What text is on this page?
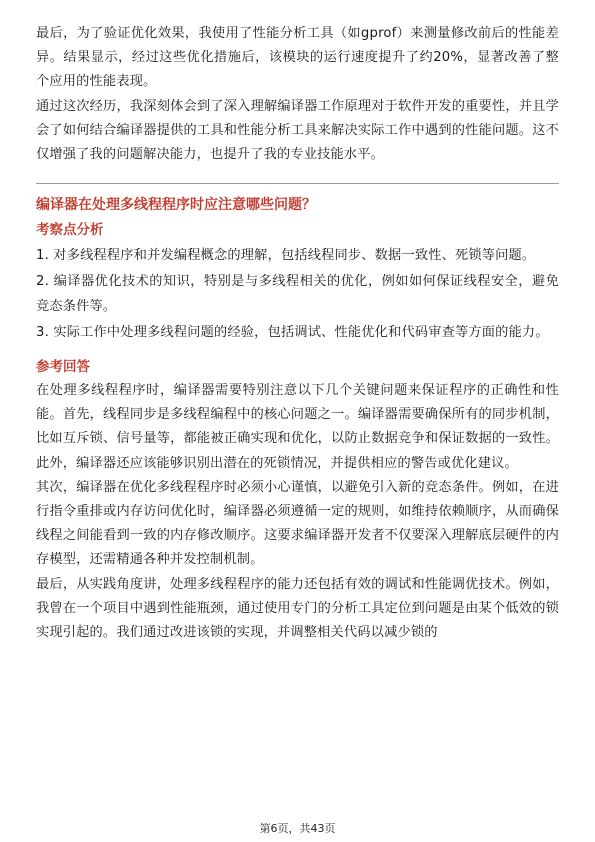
最后，为了验证优化效果，我使用了性能分析工具（如gprof）来测量修改前后的性能差异。结果显示，经过这些优化措施后，该模块的运行速度提升了约20%，显著改善了整个应用的性能表现。

通过这次经历，我深刻体会到了深入理解编译器工作原理对于软件开发的重要性，并且学会了如何结合编译器提供的工具和性能分析工具来解决实际工作中遇到的性能问题。这不仅增强了我的问题解决能力，也提升了我的专业技能水平。

编译器在处理多线程程序时应注意哪些问题？

考察点分析

1. 对多线程程序和并发编程概念的理解，包括线程同步、数据一致性、死锁等问题。

2. 编译器优化技术的知识，特别是与多线程相关的优化，例如如何保证线程安全，避免竞态条件等。

3. 实际工作中处理多线程问题的经验，包括调试、性能优化和代码审查等方面的能力。

参考回答

在处理多线程程序时，编译器需要特别注意以下几个关键问题来保证程序的正确性和性能。首先，线程同步是多线程编程中的核心问题之一。编译器需要确保所有的同步机制，比如互斥锁、信号量等，都能被正确实现和优化，以防止数据竞争和保证数据的一致性。此外，编译器还应该能够识别出潜在的死锁情况，并提供相应的警告或优化建议。

其次，编译器在优化多线程程序时必须小心谨慎，以避免引入新的竞态条件。例如，在进行指令重排或内存访问优化时，编译器必须遵循一定的规则，如维持依赖顺序，从而确保线程之间能看到一致的内存修改顺序。这要求编译器开发者不仅要深入理解底层硬件的内存模型，还需精通各种并发控制机制。

最后，从实践角度讲，处理多线程程序的能力还包括有效的调试和性能调优技术。例如，我曾在一个项目中遇到性能瓶颈，通过使用专门的分析工具定位到问题是由某个低效的锁实现引起的。我们通过改进该锁的实现，并调整相关代码以减少锁的

第6页，共43页
